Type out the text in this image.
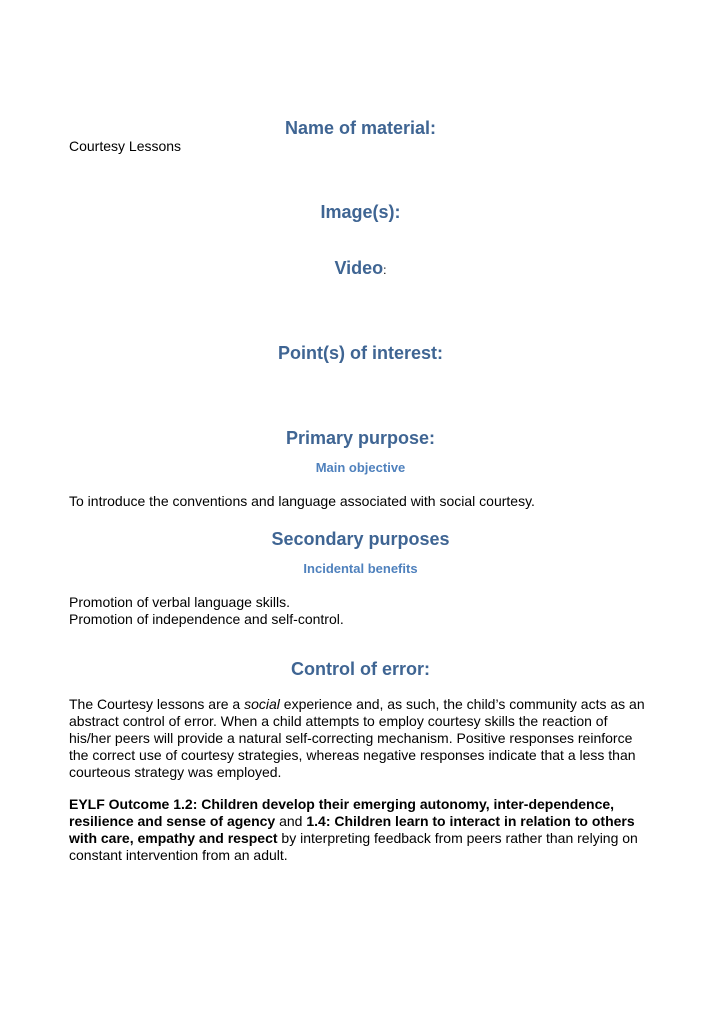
Name of material:

Courtesy Lessons

Image(s):
Video:
Point(s) of interest:
Primary purpose:

Main objective

To introduce the conventions and language associated with social courtesy.

Secondary purposes

Incidental benefits

Promotion of verbal language skills.

Promotion of independence and self-control.

Control of error:

The Courtesy lessons are a social experience and, as such, the child’s community acts as an abstract control of error. When a child attempts to employ courtesy skills the reaction of his/her peers will provide a natural self-correcting mechanism. Positive responses reinforce the correct use of courtesy strategies, whereas negative responses indicate that a less than courteous strategy was employed.

EYLF Outcome 1.2: Children develop their emerging autonomy, inter-dependence, resilience and sense of agency and 1.4: Children learn to interact in relation to others with care, empathy and respect by interpreting feedback from peers rather than relying on constant intervention from an adult.
